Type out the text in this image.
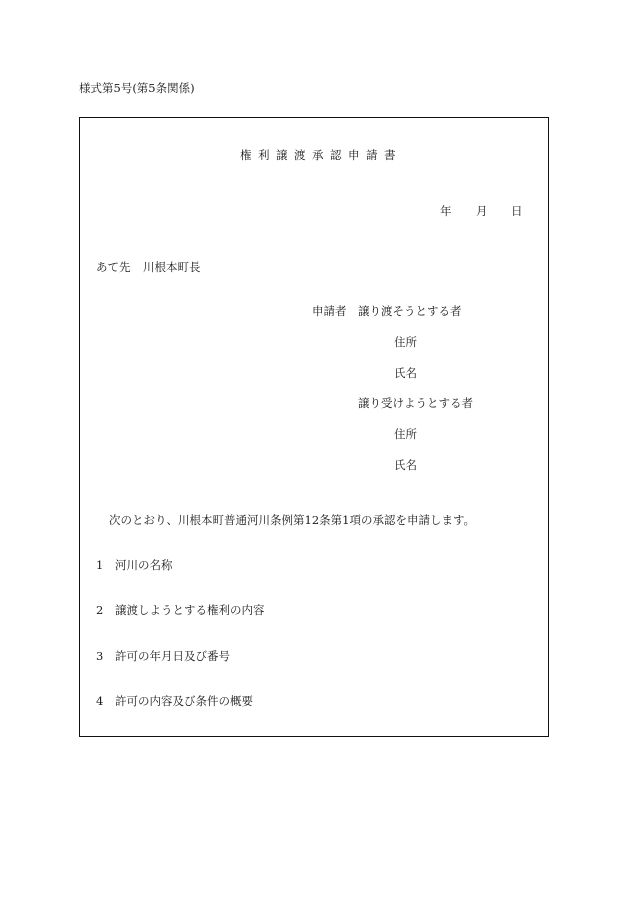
様式第5号(第5条関係)
権利譲渡承認申請書
年 月 日
あて先 川根本町長
申請者 譲り渡そうとする者
住所
氏名
譲り受けようとする者
住所
氏名
次のとおり、川根本町普通河川条例第12条第1項の承認を申請します。
1 河川の名称
2 譲渡しようとする権利の内容
3 許可の年月日及び番号
4 許可の内容及び条件の概要
